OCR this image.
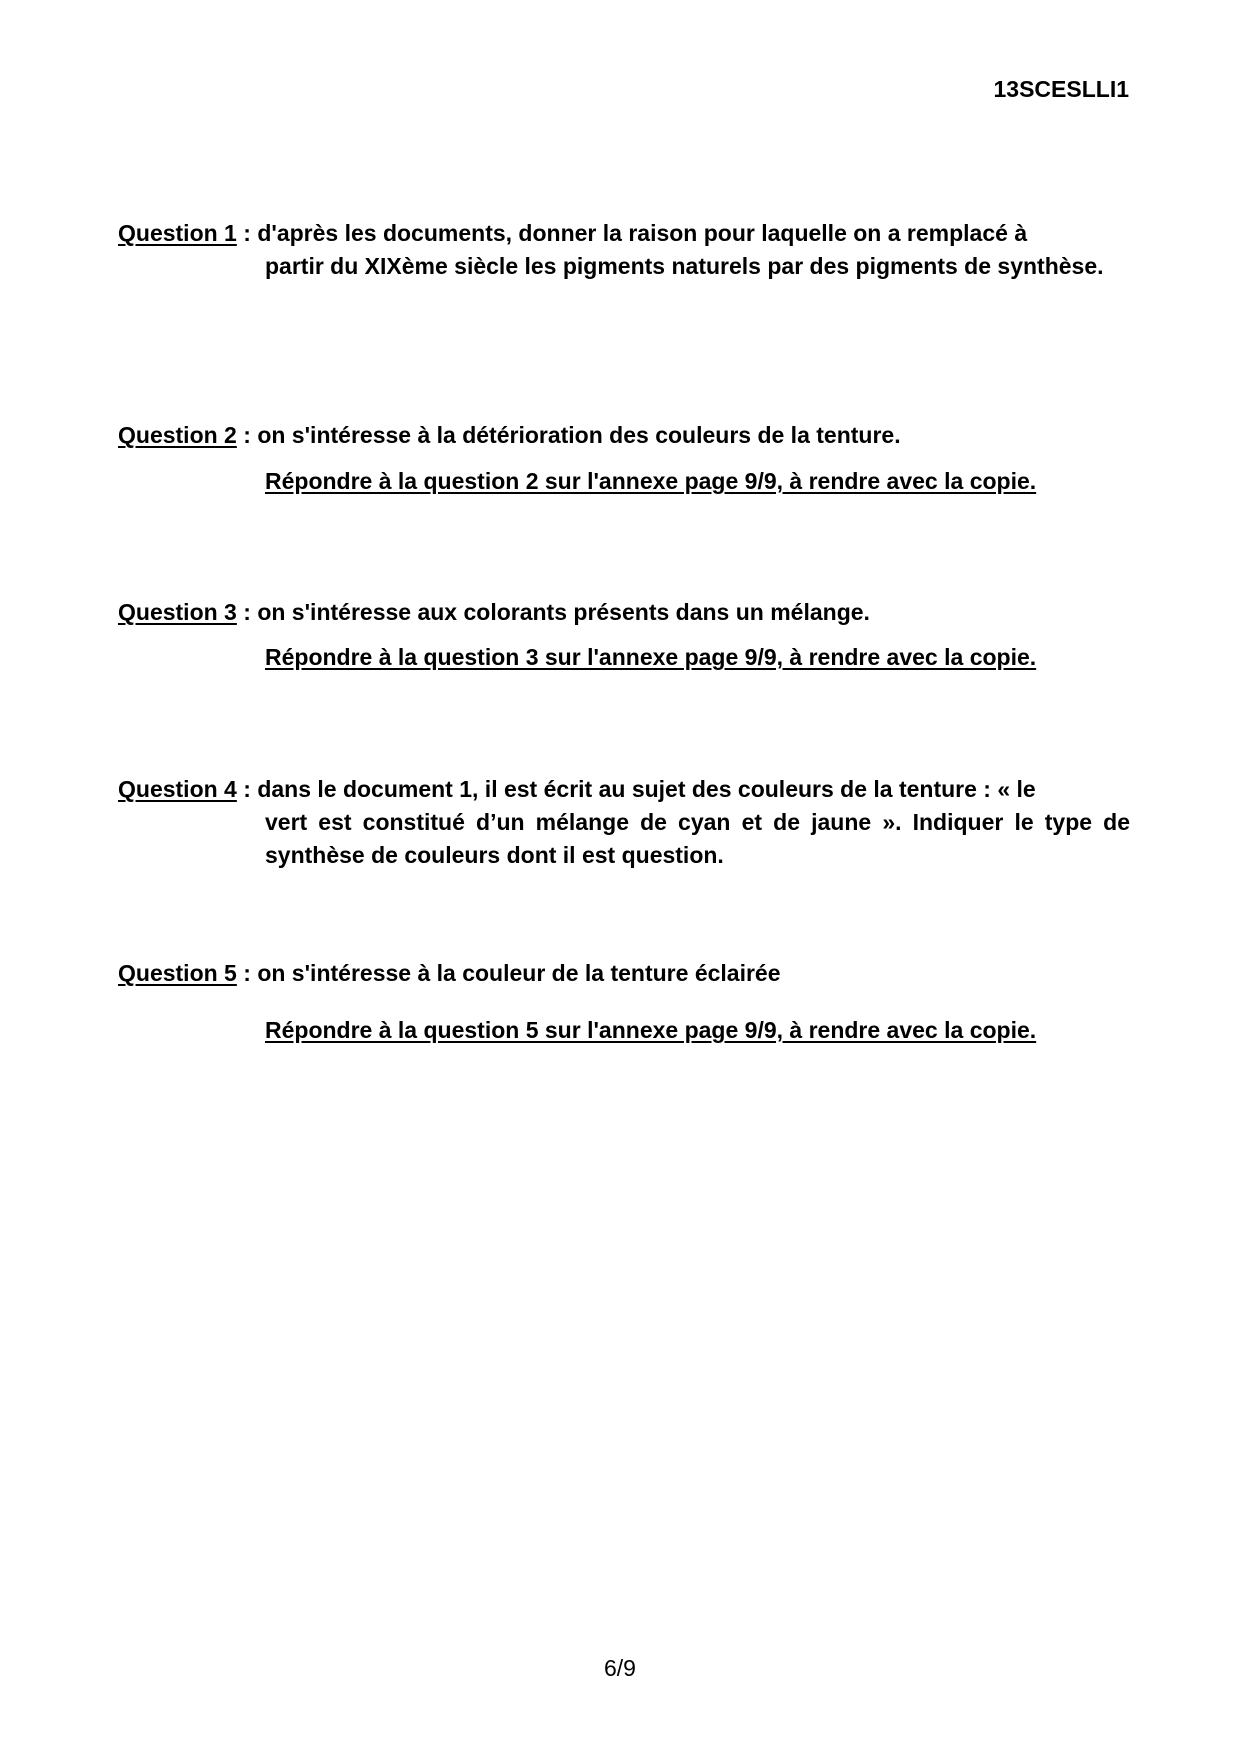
13SCESLLI1
Question 1 : d'après les documents, donner la raison pour laquelle on a remplacé à
partir du XIXème siècle les pigments naturels par des pigments de synthèse.
Question 2 : on s'intéresse à la détérioration des couleurs de la tenture.
Répondre à la question 2 sur l'annexe page 9/9, à rendre avec la copie.
Question 3 : on s'intéresse aux colorants présents dans un mélange.
Répondre à la question 3 sur l'annexe page 9/9, à rendre avec la copie.
Question 4 : dans le document 1, il est écrit au sujet des couleurs de la tenture : « le
vert est constitué d’un mélange de cyan et de jaune ». Indiquer le type de synthèse de couleurs dont il est question.
Question 5 : on s'intéresse à la couleur de la tenture éclairée
Répondre à la question 5 sur l'annexe page 9/9, à rendre avec la copie.
6/9
